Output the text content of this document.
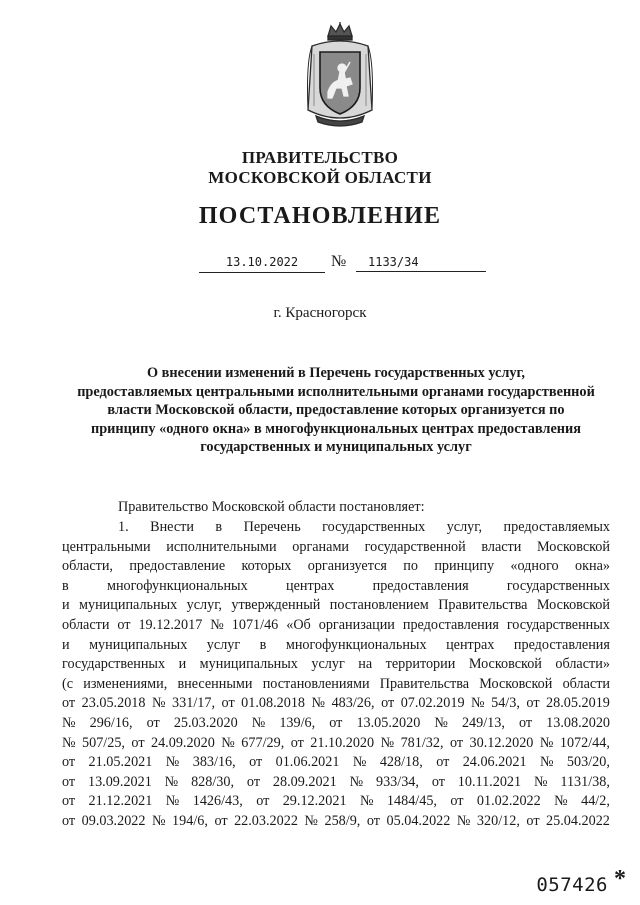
ПРАВИТЕЛЬСТВО

МОСКОВСКОЙ ОБЛАСТИ

ПОСТАНОВЛЕНИЕ
13.10.2022	№	1133/34

г. Красногорск

О внесении изменений в Перечень государственных услуг,
предоставляемых центральными исполнительными органами государственной
власти Московской области, предоставление которых организуется по
принципу «одного окна» в многофункциональных центрах предоставления
государственных и муниципальных услуг

Правительство Московской области постановляет:

1. Внести в Перечень государственных услуг, предоставляемых
центральными исполнительными органами государственной власти Московской
области, предоставление которых организуется по принципу «одного окна»
в	многофункциональных	центрах	предоставления	государственных
и муниципальных услуг, утвержденный постановлением Правительства Московской
области от 19.12.2017 № 1071/46 «Об организации предоставления государственных
и муниципальных услуг в многофункциональных центрах предоставления
государственных и муниципальных услуг на территории Московской области»
(с изменениями, внесенными постановлениями Правительства Московской области
от 23.05.2018 № 331/17, от 01.08.2018 № 483/26, от 07.02.2019 № 54/3, от 28.05.2019
№ 296/16, от 25.03.2020 № 139/6, от 13.05.2020 № 249/13, от 13.08.2020
№ 507/25, от 24.09.2020 № 677/29, от 21.10.2020 № 781/32, от 30.12.2020 № 1072/44,
от 21.05.2021 № 383/16, от 01.06.2021 № 428/18, от 24.06.2021 № 503/20,
от 13.09.2021 № 828/30, от 28.09.2021 № 933/34, от 10.11.2021 № 1131/38,
от 21.12.2021 № 1426/43, от 29.12.2021 № 1484/45, от 01.02.2022 № 44/2,
от 09.03.2022 № 194/6, от 22.03.2022 № 258/9, от 05.04.2022 № 320/12, от 25.04.2022
057426 *
